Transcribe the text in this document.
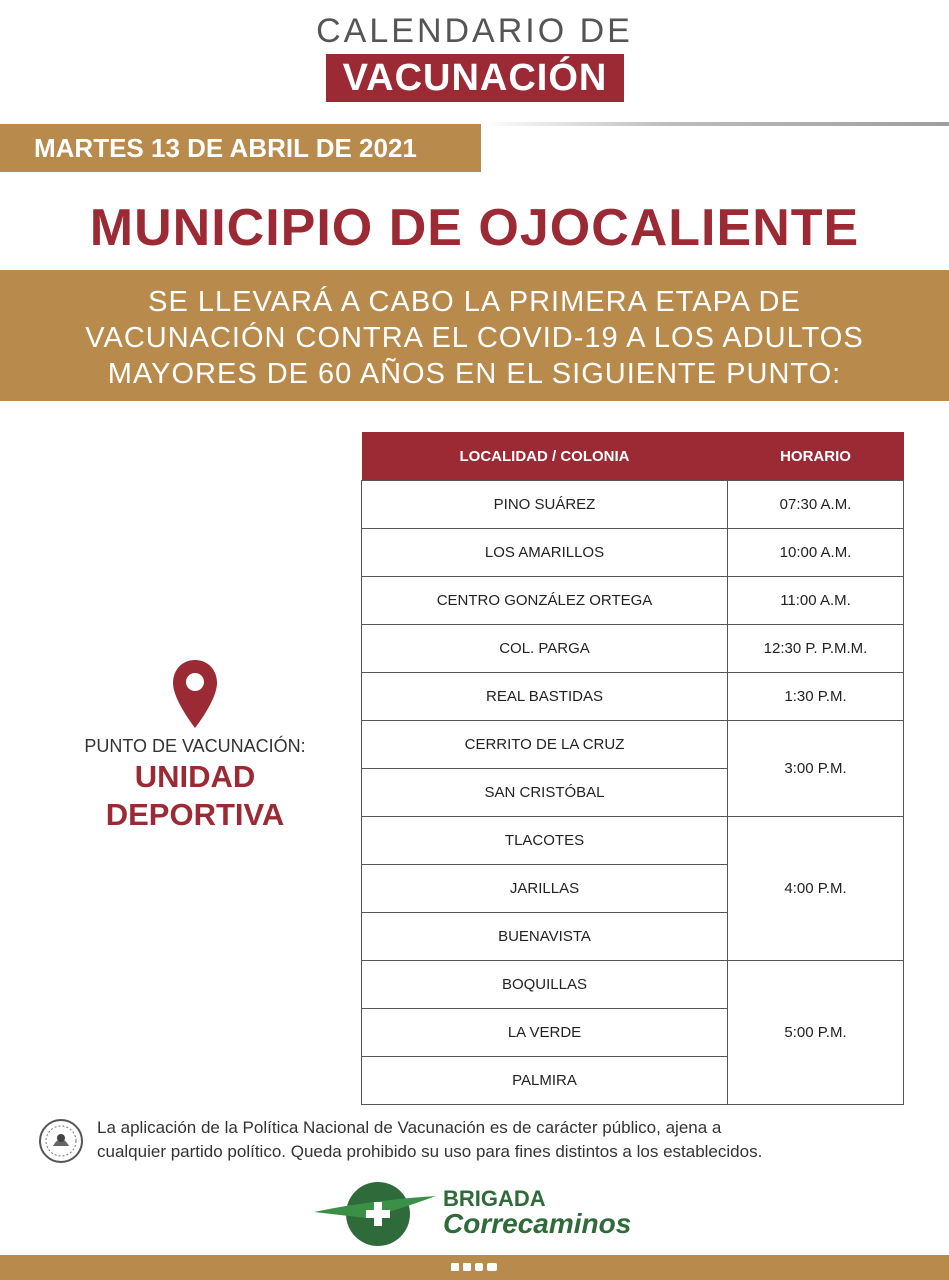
CALENDARIO DE
VACUNACIÓN
MARTES 13 DE ABRIL DE 2021
MUNICIPIO DE OJOCALIENTE
SE LLEVARÁ A CABO LA PRIMERA ETAPA DE
VACUNACIÓN CONTRA EL COVID-19 A LOS ADULTOS
MAYORES DE 60 AÑOS EN EL SIGUIENTE PUNTO:
PUNTO DE VACUNACIÓN:
UNIDAD
DEPORTIVA
LOCALIDAD / COLONIA	HORARIO
PINO SUÁREZ	07:30 A.M.
LOS AMARILLOS	10:00 A.M.
CENTRO GONZÁLEZ ORTEGA	11:00 A.M.
COL. PARGA	12:30 P. P.M.M.
REAL BASTIDAS	1:30 P.M.
CERRITO DE LA CRUZ	3:00 P.M.
SAN CRISTÓBAL	
TLACOTES	4:00 P.M.
JARILLAS	
BUENAVISTA	
BOQUILLAS	5:00 P.M.
LA VERDE	
PALMIRA	
La aplicación de la Política Nacional de Vacunación es de carácter público, ajena a
cualquier partido político. Queda prohibido su uso para fines distintos a los establecidos.
BRIGADA
Correcaminos
